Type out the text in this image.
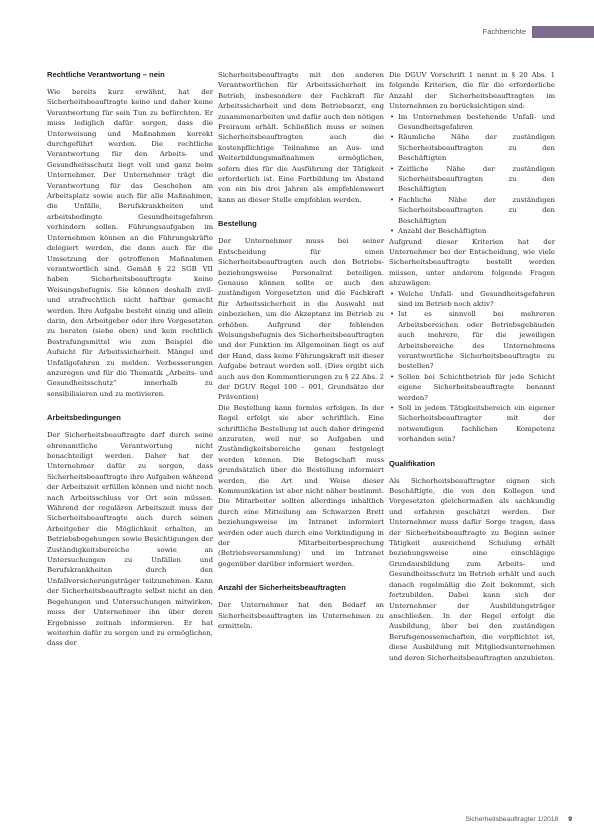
Fachberichte
Rechtliche Verantwortung – nein

Wie bereits kurz erwähnt, hat der Sicherheitsbeauftragte keine und daher keine Verantwortung für sein Tun zu befürchten. Er muss lediglich dafür sorgen, dass die Unterweisung und Maßnahmen korrekt durchgeführt werden. Die rechtliche Verantwortung für den Arbeits- und Gesundheitsschutz liegt voll und ganz beim Unternehmer. Der Unternehmer trägt die Verantwortung für das Geschehen am Arbeitsplatz sowie auch für alle Maßnahmen, die Unfälle, Berufskrankheiten und arbeitsbedingte Gesundheitsgefahren verhindern sollen. Führungsaufgaben im Unternehmen können an die Führungskräfte delegiert werden, die dann auch für die Umsetzung der getroffenen Maßnahmen verantwortlich sind. Gemäß § 22 SGB VII haben Sicherheitsbeauftragte keine Weisungsbefugnis. Sie können deshalb zivil- und strafrechtlich nicht haftbar gemacht werden. Ihre Aufgabe besteht einzig und allein darin, den Arbeitgeber oder ihre Vorgesetzten zu beraten (siehe oben) und kein rechtlich Bestrafungsmittel wie zum Beispiel die Aufsicht für Arbeitssicherheit. Mängel und Unfallgefahren zu melden. Verbesserungen anzuregen und für die Thematik „Arbeits- und Gesundheitsschutz“ innerhalb zu sensibilisieren und zu motivieren.

Arbeitsbedingungen

Der Sicherheitsbeauftragte darf durch seine ehrenamtliche Verantwortung nicht benachteiligt werden. Daher hat der Unternehmer dafür zu sorgen, dass Sicherheitsbeauftragte ihre Aufgaben während der Arbeitszeit erfüllen können und nicht noch nach Arbeitsschluss vor Ort sein müssen. Während der regulären Arbeitszeit muss der Sicherheitsbeauftragte auch durch seinen Arbeitgeber die Möglichkeit erhalten, an Betriebsbegehungen sowie Besichtigungen der Zuständigkeitsbereiche sowie an Untersuchungen zu Unfällen und Berufskrankheiten durch den Unfallversicherungsträger teilzunehmen. Kann der Sicherheitsbeauftragte selbst nicht an den Begehungen und Untersuchungen mitwirken, muss der Unternehmer ihn über deren Ergebnisse zeitnah informieren. Er hat weiterhin dafür zu sorgen und zu ermöglichen, dass der

Sicherheitsbeauftragte mit den anderen Verantwortlichen für Arbeitssicherheit im Betrieb, insbesondere der Fachkraft für Arbeitssicherheit und dem Betriebsarzt, eng zusammenarbeiten und dafür auch den nötigen Freiraum erhält. Schließlich muss er seinen Sicherheitsbeauftragten auch die kostenpflichtige Teilnahme an Aus- und Weiterbildungsmaßnahmen ermöglichen, sofern dies für die Ausführung der Tätigkeit erforderlich ist. Eine Fortbildung im Abstand von ein bis drei Jahren als empfehlenswert kann an dieser Stelle empfohlen werden.

Bestellung

Der Unternehmer muss bei seiner Entscheidung für einen Sicherheitsbeauftragten auch den Betriebs- beziehungsweise Personalrat beteiligen. Genauso können sollte er auch den zuständigen Vorgesetzten und die Fachkraft für Arbeitssicherheit in die Auswahl mit einbeziehen, um die Akzeptanz im Betrieb zu erhöhen. Aufgrund der fehlenden Weisungsbefugnis des Sicherheitsbeauftragten und der Funktion im Allgemeinen liegt es auf der Hand, dass keine Führungskraft mit dieser Aufgabe betraut werden soll. (Dies ergibt sich auch aus den Kommentierungen zu § 22 Abs. 2 der DGUV Regel 100 – 001, Grundsätze der Prävention)

Die Bestellung kann formlos erfolgen. In der Regel erfolgt sie aber schriftlich. Eine schriftliche Bestellung ist auch daher dringend anzuraten, weil nur so Aufgaben und Zuständigkeitsbereiche genau festgelegt werden können. Die Belegschaft muss grundsätzlich über die Bestellung informiert werden, die Art und Weise dieser Kommunikation ist aber nicht näher bestimmt. Die Mitarbeiter sollten allerdings inhaltlich durch eine Mitteilung am Schwarzen Brett beziehungsweise im Intranet informiert werden oder auch durch eine Verkündigung in der Mitarbeiterbesprechung (Betriebsversammlung) und im Intranet gegenüber darüber informiert werden.

Anzahl der Sicherheitsbeauftragten

Der Unternehmer hat den Bedarf an Sicherheitsbeauftragten im Unternehmen zu ermitteln.

Die DGUV Vorschrift 1 nennt in § 20 Abs. 1 folgende Kriterien, die für die erforderliche Anzahl der Sicherheitsbeauftragten im Unternehmen zu berücksichtigen sind:

• Im Unternehmen bestehende Unfall- und Gesundheitsgefahren
• Räumliche Nähe der zuständigen Sicherheitsbeauftragten zu den Beschäftigten
• Zeitliche Nähe der zuständigen Sicherheitsbeauftragten zu den Beschäftigten
• Fachliche Nähe der zuständigen Sicherheitsbeauftragten zu den Beschäftigten
• Anzahl der Beschäftigten

Aufgrund dieser Kriterien hat der Unternehmer bei der Entscheidung, wie viele Sicherheitsbeauftragte bestellt werden müssen, unter anderem folgende Fragen abzuwägen:

• Welche Unfall- und Gesundheitsgefahren sind im Betrieb noch aktiv?
• Ist es sinnvoll bei mehreren Arbeitsbereichen oder Betriebsgebäuden auch mehrere, für die jeweiligen Arbeitsbereiche des Unternehmens verantwortliche Sicherheitsbeauftragte zu bestellen?
• Sollen bei Schichtbetrieb für jede Schicht eigene Sicherheitsbeauftragte benannt werden?
• Soll in jedem Tätigkeitsbereich ein eigener Sicherheitsbeauftragter mit der notwendigen fachlichen Kompetenz vorhanden sein?
Qualifikation

Als Sicherheitsbeauftragter eignen sich Beschäftigte, die von den Kollegen und Vorgesetzten gleichermaßen als sachkundig und erfahren geschätzt werden. Der Unternehmer muss dafür Sorge tragen, dass der Sicherheitsbeauftragte zu Beginn seiner Tätigkeit ausreichend Schulung erhält beziehungsweise eine einschlägige Grundausbildung zum Arbeits- und Gesundheitsschutz im Betrieb erhält und auch danach regelmäßig die Zeit bekommt, sich fortzubilden. Dabei kann sich der Unternehmer der Ausbildungsträger anschließen. In der Regel erfolgt die Ausbildung, über bei den zuständigen Berufsgenossenschaften, die verpflichtet ist, diese Ausbildung mit Mitgliedsunternehmen und deren Sicherheitsbeauftragten anzubieten.

Sicherheitsbeauftragter 1/2018 9
